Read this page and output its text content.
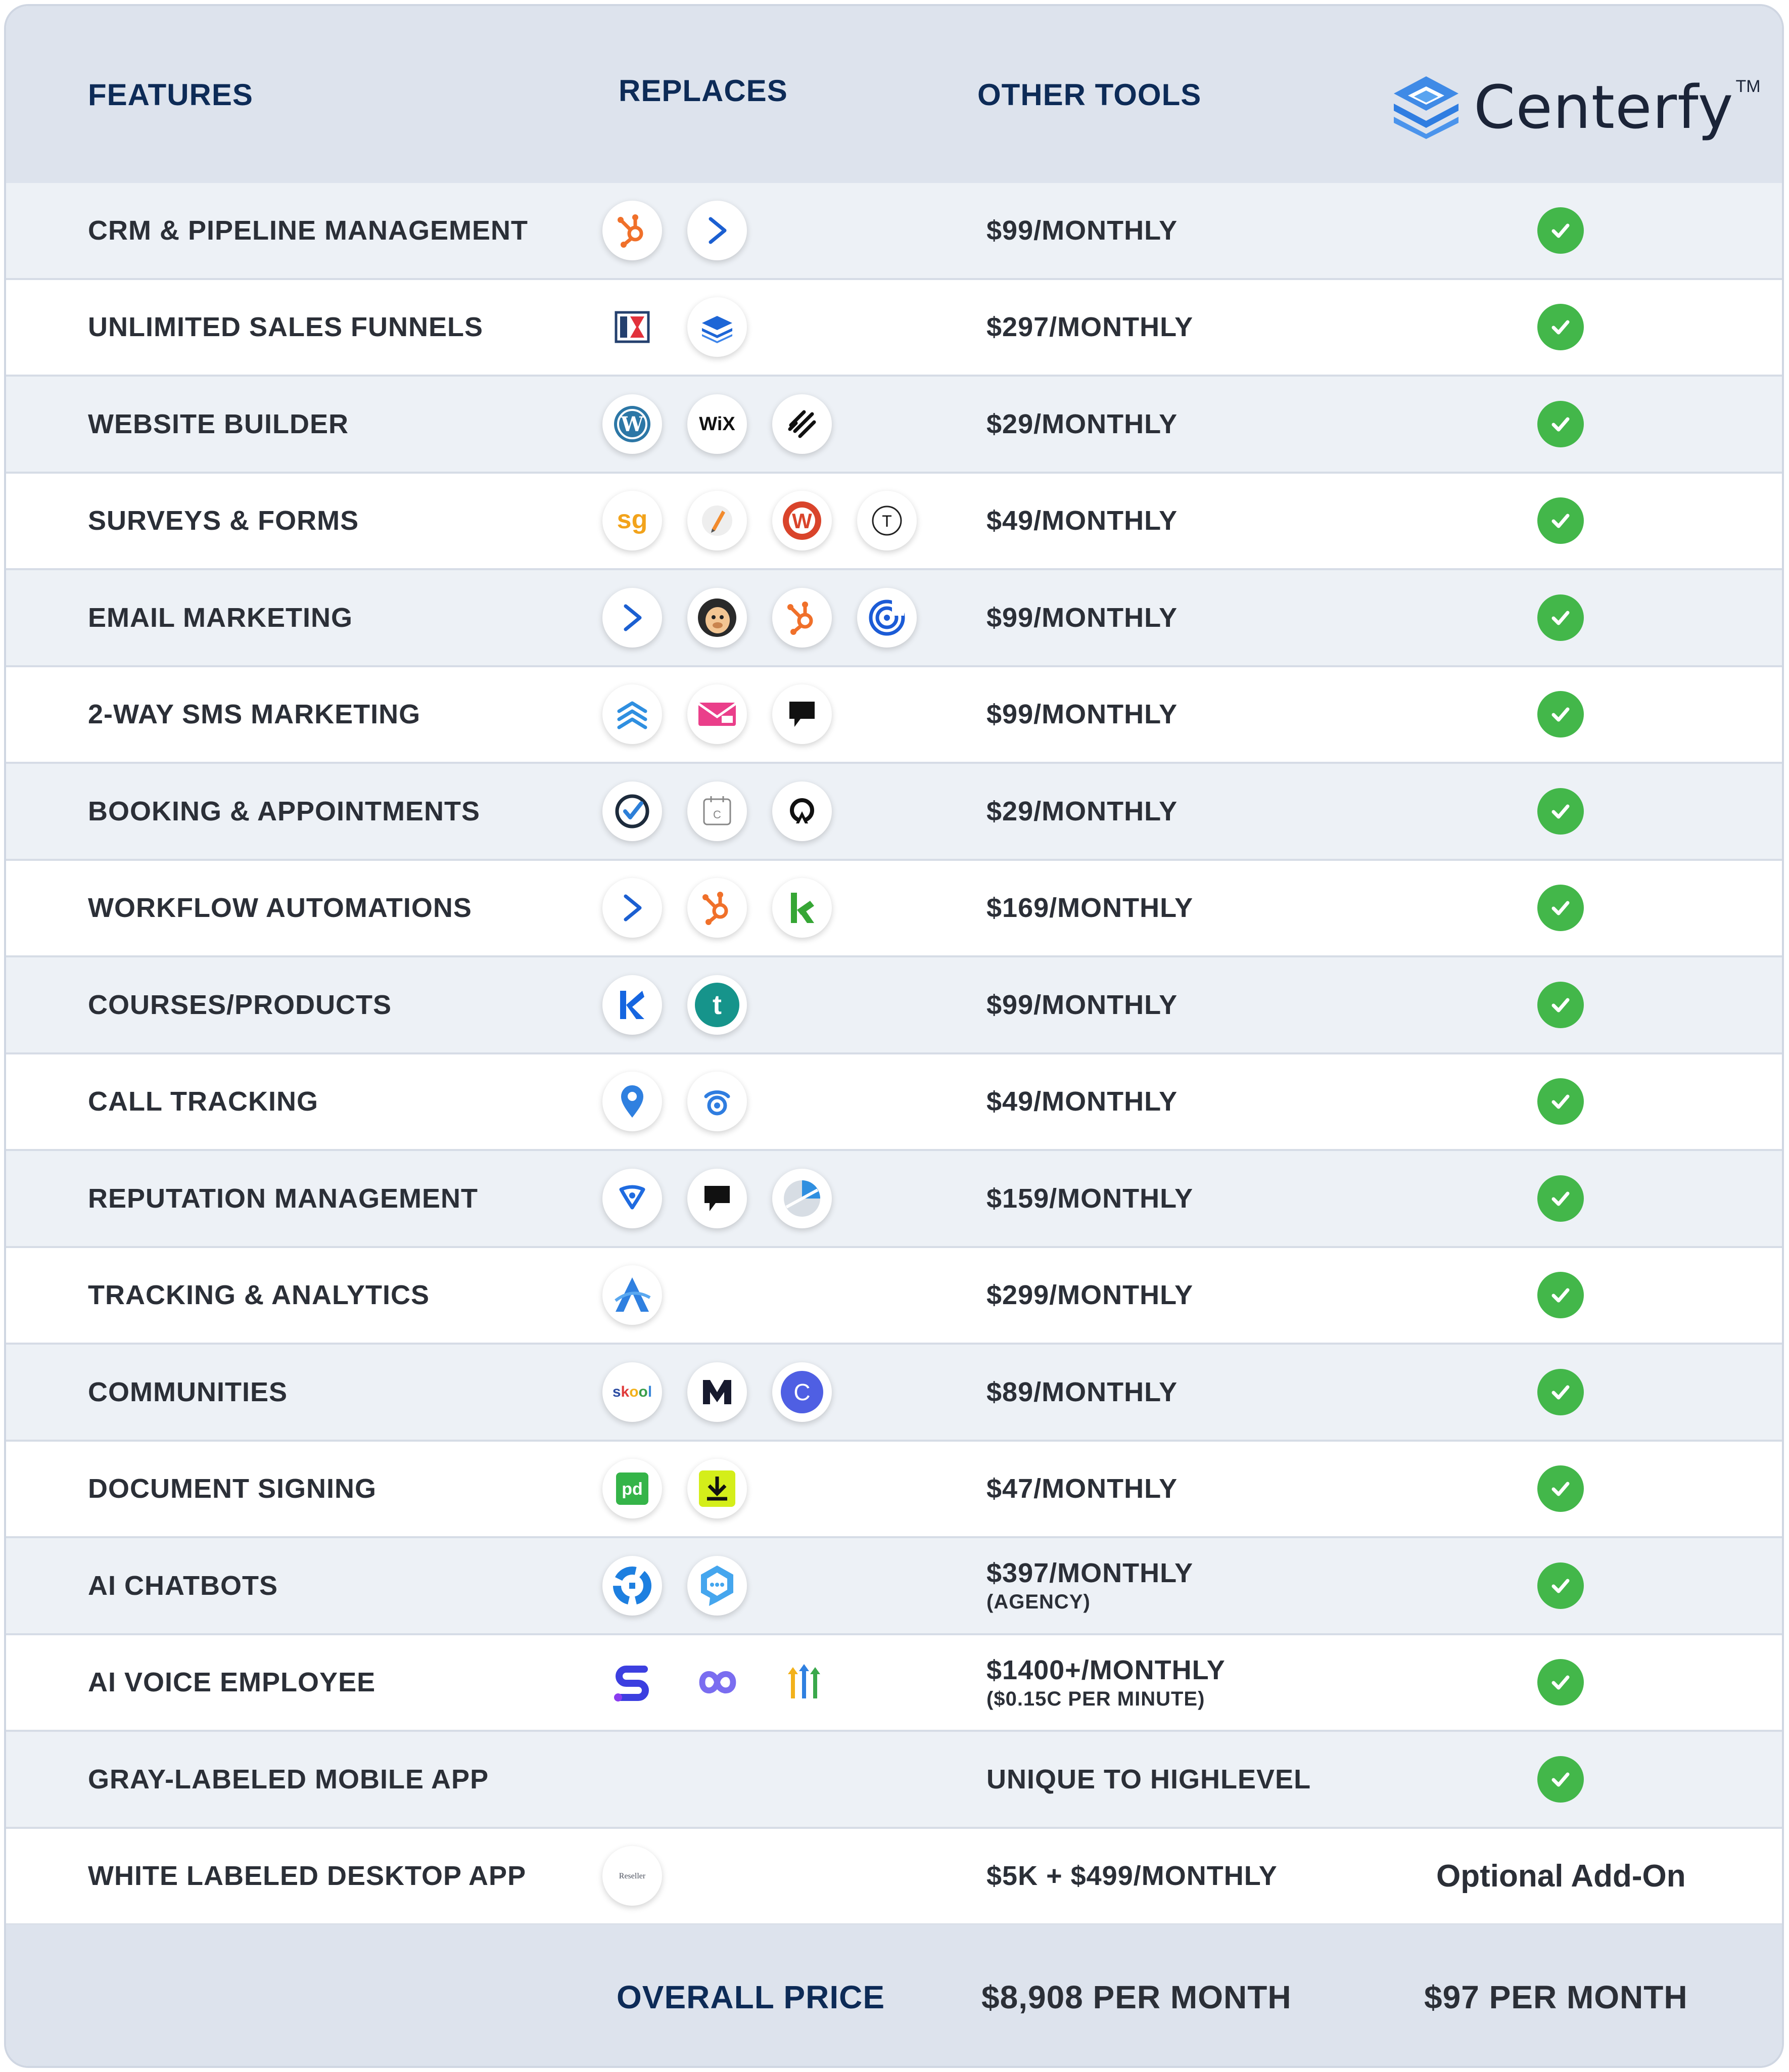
FEATURES	REPLACES	OTHER TOOLS	Centerfy TM
CRM & PIPELINE MANAGEMENT	$99/MONTHLY
UNLIMITED SALES FUNNELS	$297/MONTHLY
WEBSITE BUILDER	W	WiX	$29/MONTHLY
SURVEYS & FORMS	sg	W	T	$49/MONTHLY
EMAIL MARKETING	$99/MONTHLY
2-WAY SMS MARKETING	$99/MONTHLY
BOOKING & APPOINTMENTS	C	$29/MONTHLY
WORKFLOW AUTOMATIONS	$169/MONTHLY
COURSES/PRODUCTS	t	$99/MONTHLY
CALL TRACKING	$49/MONTHLY
REPUTATION MANAGEMENT	$159/MONTHLY
TRACKING & ANALYTICS	$299/MONTHLY
COMMUNITIES	skool	C	$89/MONTHLY
DOCUMENT SIGNING	pd	$47/MONTHLY
AI CHATBOTS	$397/MONTHLY
(AGENCY)
AI VOICE EMPLOYEE	$1400+/MONTHLY
($0.15C PER MINUTE)
GRAY-LABELED MOBILE APP	UNIQUE TO HIGHLEVEL
WHITE LABELED DESKTOP APP	Reseller	$5K + $499/MONTHLY	Optional Add-On
OVERALL PRICE	$8,908 PER MONTH	$97 PER MONTH
